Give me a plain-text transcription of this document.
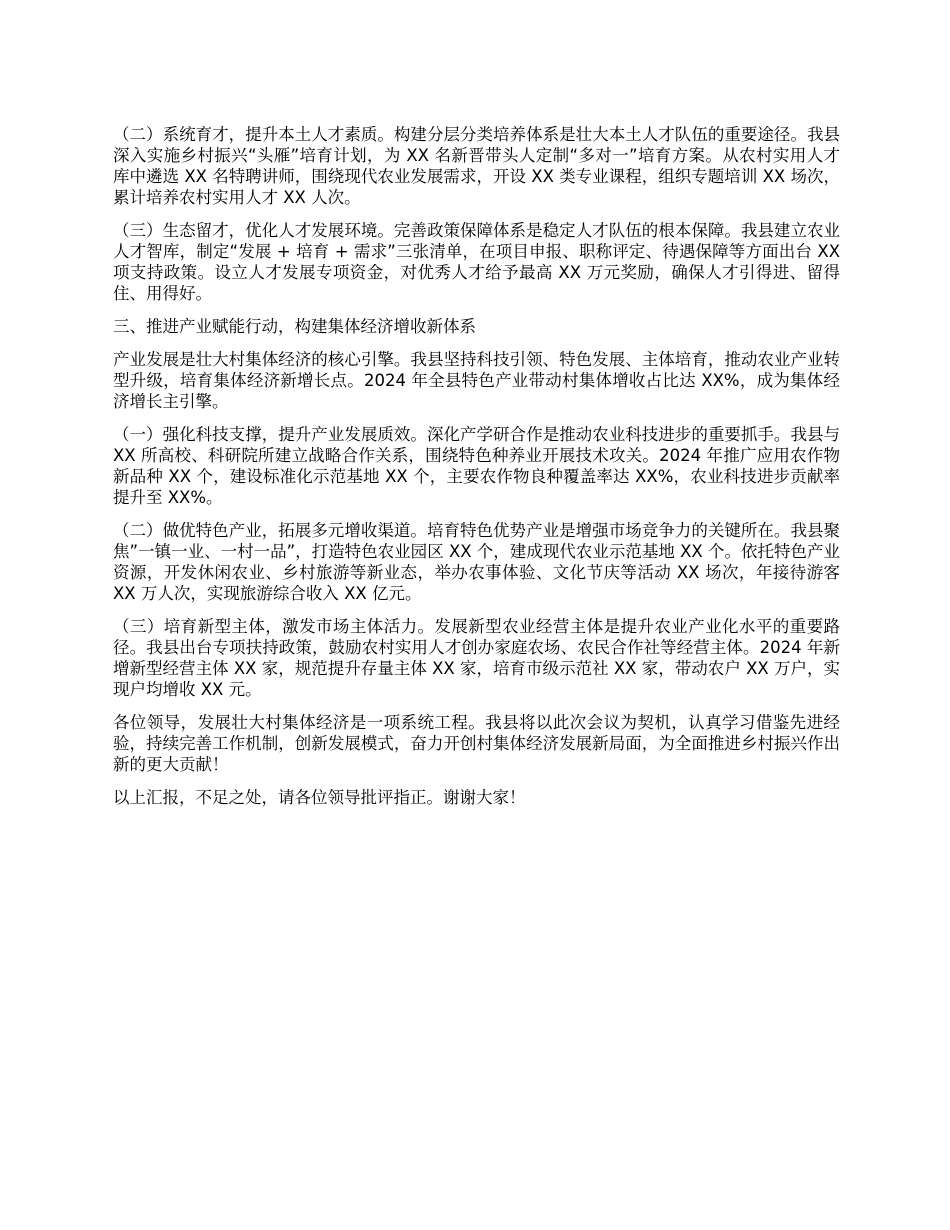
（二）系统育才，提升本土人才素质。构建分层分类培养体系是壮大本土人才队伍的重要途径。我县深入实施乡村振兴“头雁”培育计划，为 XX 名新晋带头人定制“多对一”培育方案。从农村实用人才库中遴选 XX 名特聘讲师，围绕现代农业发展需求，开设 XX 类专业课程，组织专题培训 XX 场次，累计培养农村实用人才 XX 人次。

（三）生态留才，优化人才发展环境。完善政策保障体系是稳定人才队伍的根本保障。我县建立农业人才智库，制定“发展 + 培育 + 需求”三张清单，在项目申报、职称评定、待遇保障等方面出台 XX 项支持政策。设立人才发展专项资金，对优秀人才给予最高 XX 万元奖励，确保人才引得进、留得住、用得好。

三、推进产业赋能行动，构建集体经济增收新体系

产业发展是壮大村集体经济的核心引擎。我县坚持科技引领、特色发展、主体培育，推动农业产业转型升级，培育集体经济新增长点。2024 年全县特色产业带动村集体增收占比达 XX%，成为集体经济增长主引擎。

（一）强化科技支撑，提升产业发展质效。深化产学研合作是推动农业科技进步的重要抓手。我县与 XX 所高校、科研院所建立战略合作关系，围绕特色种养业开展技术攻关。2024 年推广应用农作物新品种 XX 个，建设标准化示范基地 XX 个，主要农作物良种覆盖率达 XX%，农业科技进步贡献率提升至 XX%。

（二）做优特色产业，拓展多元增收渠道。培育特色优势产业是增强市场竞争力的关键所在。我县聚焦”一镇一业、一村一品”，打造特色农业园区 XX 个，建成现代农业示范基地 XX 个。依托特色产业资源，开发休闲农业、乡村旅游等新业态，举办农事体验、文化节庆等活动 XX 场次，年接待游客 XX 万人次，实现旅游综合收入 XX 亿元。

（三）培育新型主体，激发市场主体活力。发展新型农业经营主体是提升农业产业化水平的重要路径。我县出台专项扶持政策，鼓励农村实用人才创办家庭农场、农民合作社等经营主体。2024 年新增新型经营主体 XX 家，规范提升存量主体 XX 家，培育市级示范社 XX 家，带动农户 XX 万户，实现户均增收 XX 元。

各位领导，发展壮大村集体经济是一项系统工程。我县将以此次会议为契机，认真学习借鉴先进经验，持续完善工作机制，创新发展模式，奋力开创村集体经济发展新局面，为全面推进乡村振兴作出新的更大贡献！

以上汇报，不足之处，请各位领导批评指正。谢谢大家！
